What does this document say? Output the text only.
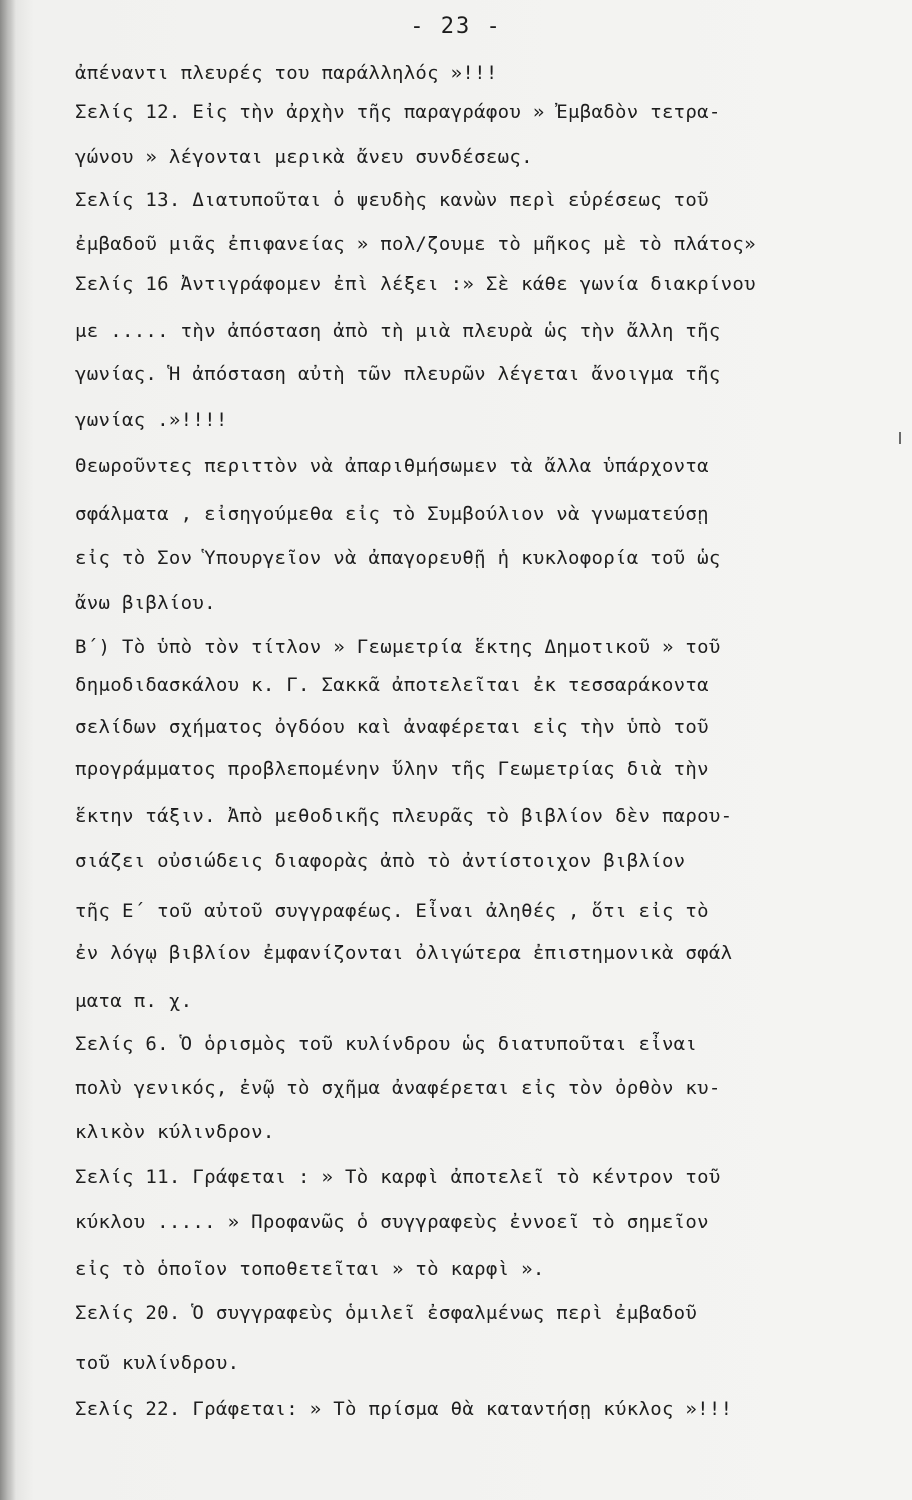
- 23 -
ἀπέναντι πλευρές του παράλληλός »!!!
Σελίς 12. Εἰς τὴν ἀρχὴν τῆς παραγράφου » Ἐμβαδὸν τετρα-
γώνου » λέγονται μερικὰ ἄνευ συνδέσεως.
Σελίς 13. Διατυποῦται ὁ ψευδὴς κανὼν περὶ εὑρέσεως τοῦ
ἐμβαδοῦ μιᾶς ἐπιφανείας » πολ/ζουμε τὸ μῆκος μὲ τὸ πλάτος»
Σελίς 16 Ἀντιγράφομεν ἐπὶ λέξει :» Σὲ κάθε γωνία διακρίνου
με ..... τὴν ἀπόσταση ἀπὸ τὴ μιὰ πλευρὰ ὡς τὴν ἄλλη τῆς
γωνίας. Ἡ ἀπόσταση αὐτὴ τῶν πλευρῶν λέγεται ἄνοιγμα τῆς
γωνίας .»!!!!
Θεωροῦντες περιττὸν νὰ ἀπαριθμήσωμεν τὰ ἄλλα ὑπάρχοντα
σφάλματα , εἰσηγούμεθα εἰς τὸ Συμβούλιον νὰ γνωματεύσῃ
εἰς τὸ Σον Ὑπουργεῖον νὰ ἀπαγορευθῇ ἡ κυκλοφορία τοῦ ὡς
ἄνω βιβλίου.
Β΄) Τὸ ὑπὸ τὸν τίτλον » Γεωμετρία ἕκτης Δημοτικοῦ » τοῦ
δημοδιδασκάλου κ. Γ. Σακκᾶ ἀποτελεῖται ἐκ τεσσαράκοντα
σελίδων σχήματος ὀγδόου καὶ ἀναφέρεται εἰς τὴν ὑπὸ τοῦ
προγράμματος προβλεπομένην ὕλην τῆς Γεωμετρίας διὰ τὴν
ἕκτην τάξιν. Ἀπὸ μεθοδικῆς πλευρᾶς τὸ βιβλίον δὲν παρου-
σιάζει οὐσιώδεις διαφορὰς ἀπὸ τὸ ἀντίστοιχον βιβλίον
τῆς Ε΄ τοῦ αὐτοῦ συγγραφέως. Εἶναι ἀληθές , ὅτι εἰς τὸ
ἐν λόγῳ βιβλίον ἐμφανίζονται ὀλιγώτερα ἐπιστημονικὰ σφάλ
ματα π. χ.
Σελίς 6. Ὁ ὁρισμὸς τοῦ κυλίνδρου ὡς διατυποῦται εἶναι
πολὺ γενικός, ἐνῷ τὸ σχῆμα ἀναφέρεται εἰς τὸν ὀρθὸν κυ-
κλικὸν κύλινδρον.
Σελίς 11. Γράφεται : » Τὸ καρφὶ ἀποτελεῖ τὸ κέντρον τοῦ
κύκλου ..... » Προφανῶς ὁ συγγραφεὺς ἐννοεῖ τὸ σημεῖον
εἰς τὸ ὁποῖον τοποθετεῖται » τὸ καρφὶ ».
Σελίς 20. Ὁ συγγραφεὺς ὁμιλεῖ ἐσφαλμένως περὶ ἐμβαδοῦ
τοῦ κυλίνδρου.
Σελίς 22. Γράφεται: » Τὸ πρίσμα θὰ καταντήσῃ κύκλος »!!!
